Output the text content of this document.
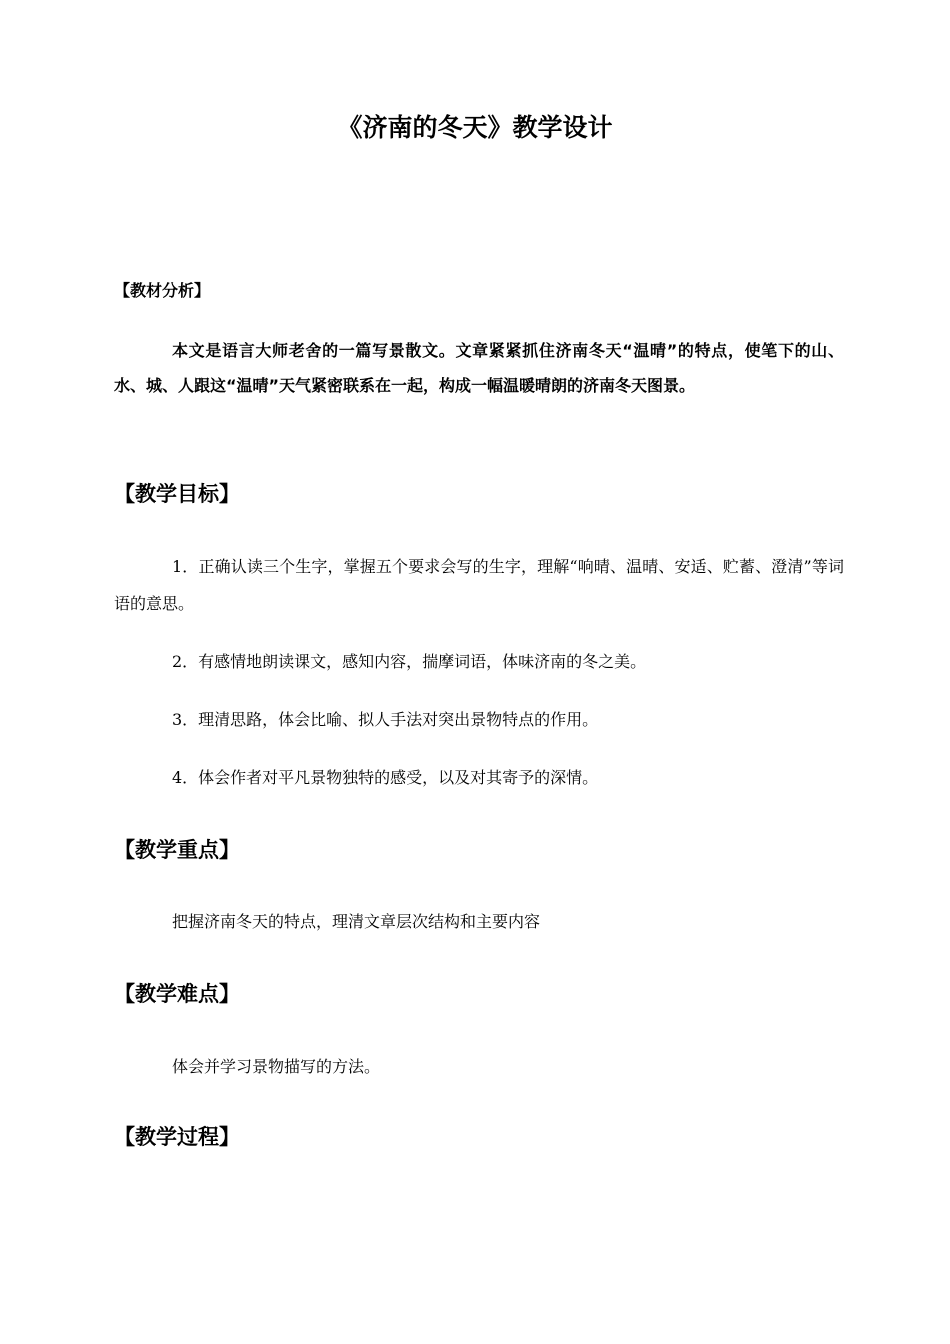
《济南的冬天》教学设计
【教材分析】

本文是语言大师老舍的一篇写景散文。文章紧紧抓住济南冬天“温晴”的特点，使笔下的山、水、城、人跟这“温晴”天气紧密联系在一起，构成一幅温暖晴朗的济南冬天图景。

【教学目标】

1．正确认读三个生字，掌握五个要求会写的生字，理解“响晴、温晴、安适、贮蓄、澄清”等词语的意思。

2．有感情地朗读课文，感知内容，揣摩词语，体味济南的冬之美。

3．理清思路，体会比喻、拟人手法对突出景物特点的作用。

4．体会作者对平凡景物独特的感受，以及对其寄予的深情。

【教学重点】

把握济南冬天的特点，理清文章层次结构和主要内容

【教学难点】

体会并学习景物描写的方法。

【教学过程】
